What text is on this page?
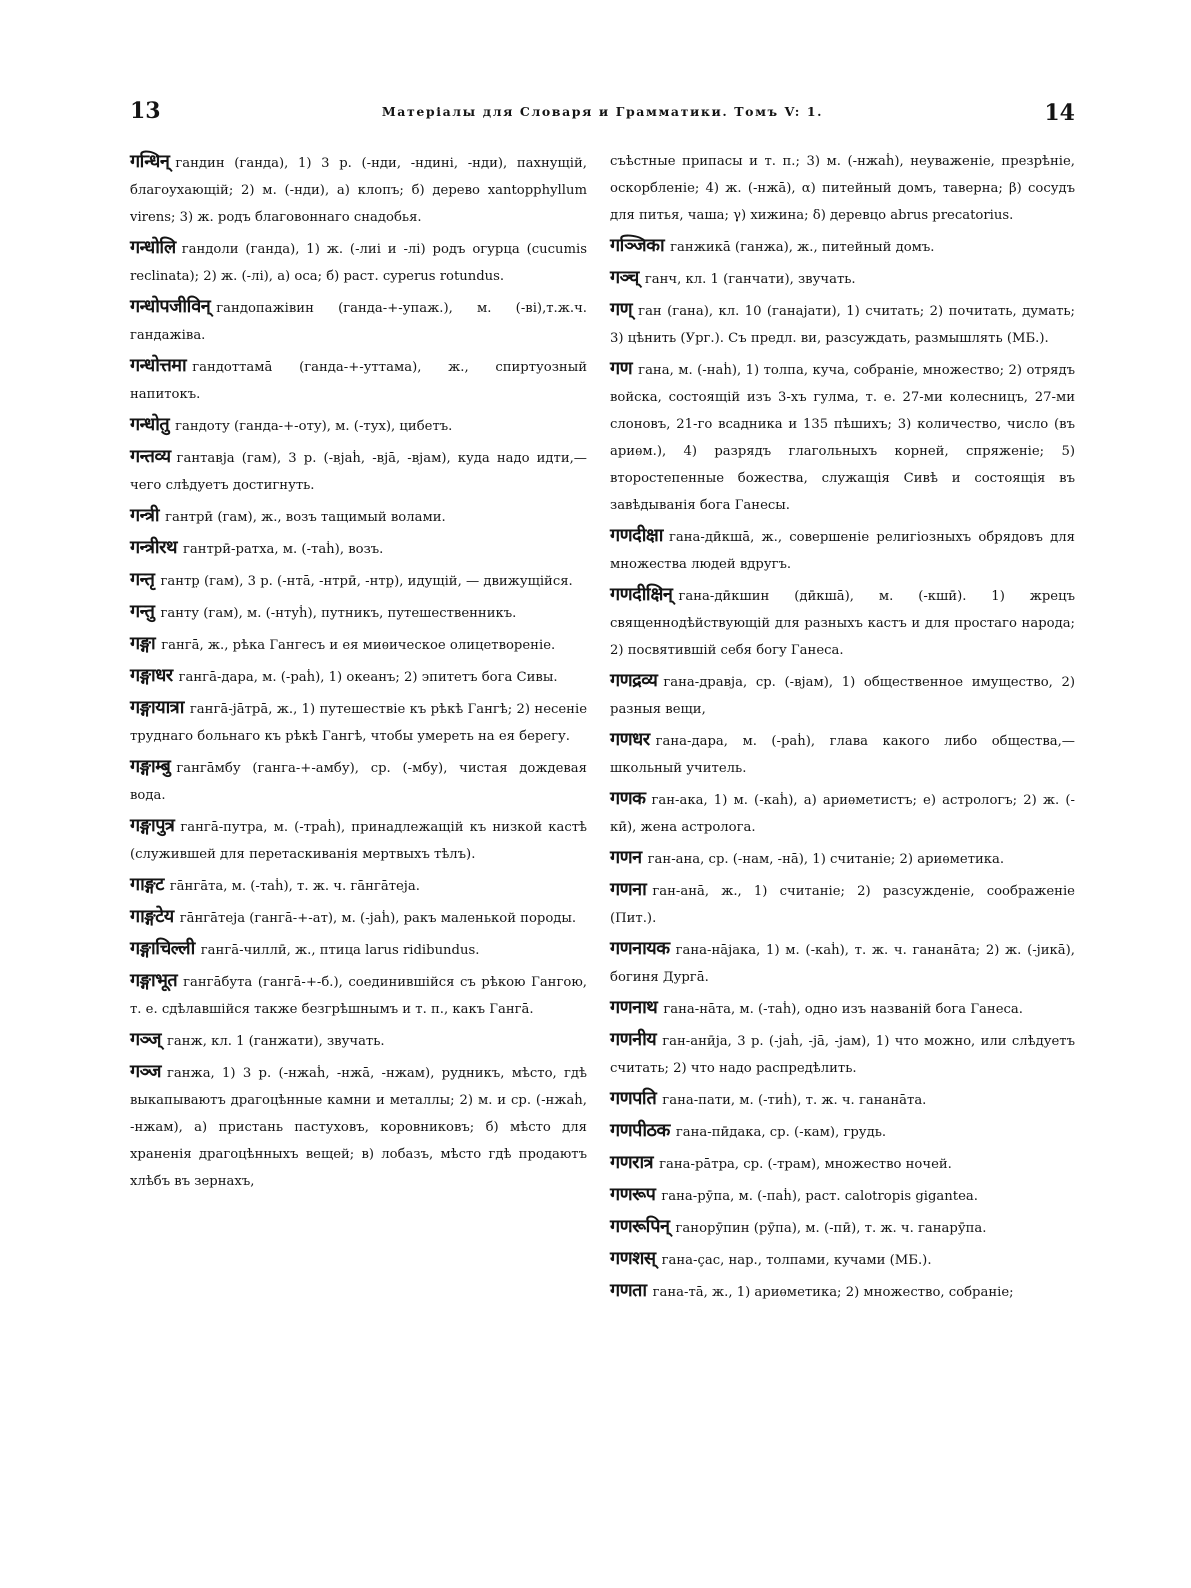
13	Матеріалы для Словаря и Грамматики. Томъ V: 1.	14
गन्धिन् гандин (ганда), 1) 3 p. (-нди, -ндині, -нди), пахнущій, благоухающій; 2) м. (-нди), а) клопъ; б) дерево xantopphyllum virens; 3) ж. родъ благовоннаго снадобья.
गन्धोलि гандоли (ганда), 1) ж. (-лиі и -лі) родъ огурца (cucumis reclinata); 2) ж. (-лі), а) оса; б) раст. cyperus rotundus.
गन्धोपजीविन् гандопажівин (ганда-+-упаж.), м. (-ві),т.ж.ч. гандажіва.
गन्धोत्तमा гандоттамā (ганда-+-уттама), ж., спиртуозный напитокъ.
गन्धोतु гандоту (ганда-+-оту), м. (-тух), цибетъ.
गन्तव्य гантавја (гам), 3 p. (-вјаḣ, -вјā, -вјам), куда надо идти,—чего слѣдуетъ достигнуть.
गन्त्री гантрӣ (гам), ж., возъ тащимый волами.
गन्त्रीरथ гантрӣ-ратха, м. (-таḣ), возъ.
गन्तृ гантр̣ (гам), 3 p. (-нтā, -нтрӣ, -нтр̣), идущій, — движущійся.
गन्तु ганту (гам), м. (-нтуḣ), путникъ, путешественникъ.
गङ्गा гангā, ж., рѣка Гангесъ и ея миѳическое олицетвореніе.
गङ्गाधर гангā-дара, м. (-раḣ), 1) океанъ; 2) эпитетъ бога Сивы.
गङ्गायात्रा гангā-јāтрā, ж., 1) путешествіе къ рѣкѣ Гангѣ; 2) несеніе труднаго больнаго къ рѣкѣ Гангѣ, чтобы умереть на ея берегу.
गङ्गाम्बु гангāмбу (ганга-+-амбу), ср. (-мбу), чистая дождевая вода.
गङ्गापुत्र гангā-путра, м. (-траḣ), принадлежащій къ низкой кастѣ (служившей для перетаскиванія мертвыхъ тѣлъ).
गाङ्गट гāнгāта, м. (-таḣ), т. ж. ч. гāнгāтеја.
गाङ्गटेय гāнгāтеја (гангā-+-ат), м. (-јаḣ), ракъ маленькой породы.
गङ्गाचिल्ली гангā-чиллӣ, ж., птица larus ridibundus.
गङ्गाभूत гангāбута (гангā-+-б.), соединившійся съ рѣкою Гангою, т. е. сдѣлавшійся также безгрѣшнымъ и т. п., какъ Гангā.
गञ्ज् ганж, кл. 1 (ганжати), звучать.
गञ्ज ганжа, 1) 3 p. (-нжаḣ, -нжā, -нжам), рудникъ, мѣсто, гдѣ выкапываютъ драгоцѣнные камни и металлы; 2) м. и ср. (-нжаḣ, -нжам), а) пристань пастуховъ, коровниковъ; б) мѣсто для храненія драгоцѣнныхъ вещей; в) лобазъ, мѣсто гдѣ продаютъ хлѣбъ въ зернахъ,
съѣстные припасы и т. п.; 3) м. (-нжаḣ), неуваженіе, презрѣніе, оскорбленіе; 4) ж. (-нжā), α) питейный домъ, таверна; β) сосудъ для питья, чаша; γ) хижина; δ) деревцо abrus precatorius.
गञ्जिका ганжикā (ганжа), ж., питейный домъ.
गञ्च् ганч, кл. 1 (ганчати), звучать.
गण् ган (гана), кл. 10 (ганајати), 1) считать; 2) почитать, думать; 3) цѣнить (Ург.). Съ предл. ви, разсуждать, размышлять (МБ.).
गण гана, м. (-наḣ), 1) толпа, куча, собраніе, множество; 2) отрядъ войска, состоящій изъ 3-хъ гулма, т. е. 27-ми колесницъ, 27-ми слоновъ, 21-го всадника и 135 пѣшихъ; 3) количество, число (въ ариѳм.), 4) разрядъ глагольныхъ корней, спряженіе; 5) второстепенные божества, служащія Сивѣ и состоящія въ завѣдыванія бога Ганесы.
गणदीक्षा гана-дӣкшā, ж., совершеніе религіозныхъ обрядовъ для множества людей вдругъ.
गणदीक्षिन् гана-дӣкшин (дӣкшā), м. (-кшӣ). 1) жрецъ священнодѣйствующій для разныхъ кастъ и для простаго народа; 2) посвятившій себя богу Ганеса.
गणद्रव्य гана-дравја, ср. (-вјам), 1) общественное имущество, 2) разныя вещи,
गणधर гана-дара, м. (-раḣ), глава какого либо общества,—школьный учитель.
गणक ган-ака, 1) м. (-каḣ), а) ариѳметистъ; е) астрологъ; 2) ж. (-кӣ), жена астролога.
गणन ган-ана, ср. (-нам, -нā), 1) считаніе; 2) ариѳметика.
गणना ган-анā, ж., 1) считаніе; 2) разсужденіе, соображеніе (Пит.).
गणनायक гана-нāјака, 1) м. (-каḣ), т. ж. ч. гананāта; 2) ж. (-јикā), богиня Дургā.
गणनाथ гана-нāта, м. (-таḣ), одно изъ названій бога Ганеса.
गणनीय ган-анӣја, 3 p. (-јаḣ, -јā, -јам), 1) что можно, или слѣдуетъ считать; 2) что надо распредѣлить.
गणपति гана-пати, м. (-тиḣ), т. ж. ч. гананāта.
गणपीठक гана-пӣдака, ср. (-кам), грудь.
गणरात्र гана-рāтра, ср. (-трам), множество ночей.
गणरूप гана-рӯпа, м. (-паḣ), раст. calotropis gigantea.
गणरूपिन् ганорӯпин (рӯпа), м. (-пӣ), т. ж. ч. ганарӯпа.
गणशस् гана-çас, нар., толпами, кучами (МБ.).
गणता гана-тā, ж., 1) ариѳметика; 2) множество, собраніе;
